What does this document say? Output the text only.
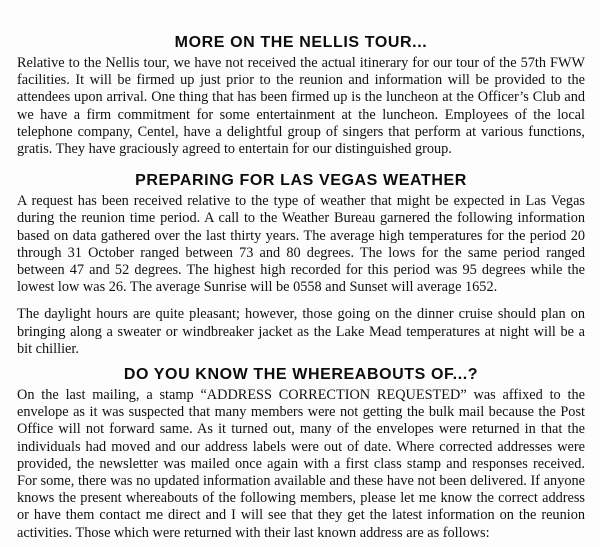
MORE ON THE NELLIS TOUR...

Relative to the Nellis tour, we have not received the actual itinerary for our tour of the 57th FWW facilities. It will be firmed up just prior to the reunion and information will be provided to the attendees upon arrival. One thing that has been firmed up is the luncheon at the Officer’s Club and we have a firm commitment for some entertainment at the luncheon. Employees of the local telephone company, Centel, have a delightful group of singers that perform at various functions, gratis. They have graciously agreed to entertain for our distinguished group.

PREPARING FOR LAS VEGAS WEATHER

A request has been received relative to the type of weather that might be expected in Las Vegas during the reunion time period. A call to the Weather Bureau garnered the following information based on data gathered over the last thirty years. The average high temperatures for the period 20 through 31 October ranged between 73 and 80 degrees. The lows for the same period ranged between 47 and 52 degrees. The highest high recorded for this period was 95 degrees while the lowest low was 26. The average Sunrise will be 0558 and Sunset will average 1652.

The daylight hours are quite pleasant; however, those going on the dinner cruise should plan on bringing along a sweater or windbreaker jacket as the Lake Mead temperatures at night will be a bit chillier.

DO YOU KNOW THE WHEREABOUTS OF...?

On the last mailing, a stamp “ADDRESS CORRECTION REQUESTED” was affixed to the envelope as it was suspected that many members were not getting the bulk mail because the Post Office will not forward same. As it turned out, many of the envelopes were returned in that the individuals had moved and our address labels were out of date. Where corrected addresses were provided, the newsletter was mailed once again with a first class stamp and responses received. For some, there was no updated information available and these have not been delivered. If anyone knows the present whereabouts of the following members, please let me know the correct address or have them contact me direct and I will see that they get the latest information on the reunion activities. Those which were returned with their last known address are as follows:
